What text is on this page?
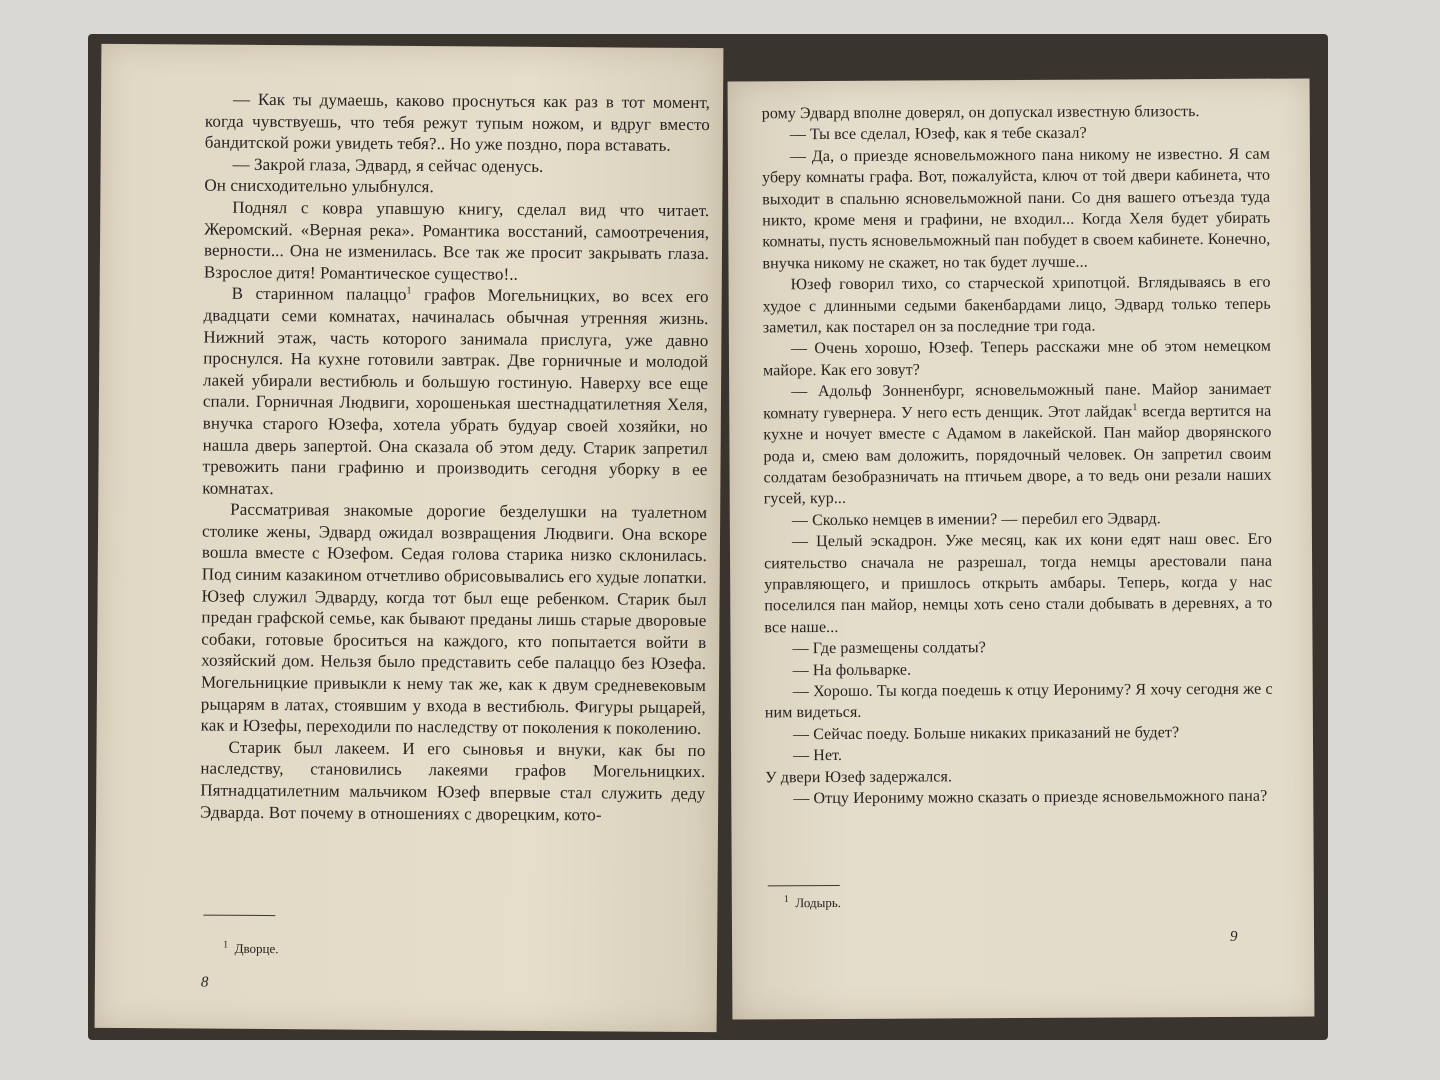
— Как ты думаешь, каково проснуться как раз в тот момент, когда чувствуешь, что тебя режут тупым ножом, и вдруг вместо бандитской рожи увидеть тебя?.. Но уже поздно, пора вставать.

— Закрой глаза, Эдвард, я сейчас оденусь.

Он снисходительно улыбнулся.

Поднял с ковра упавшую книгу, сделал вид что читает. Жеромский. «Верная река». Романтика восстаний, самоотречения, верности... Она не изменилась. Все так же просит закрывать глаза. Взрослое дитя! Романтическое существо!..

В старинном палаццо$^1$ графов Могельницких, во всех его двадцати семи комнатах, начиналась обычная утренняя жизнь. Нижний этаж, часть которого занимала прислуга, уже давно проснулся. На кухне готовили завтрак. Две горничные и молодой лакей убирали вестибюль и большую гостиную. Наверху все еще спали. Горничная Людвиги, хорошенькая шестнадцатилетняя Хеля, внучка старого Юзефа, хотела убрать будуар своей хозяйки, но нашла дверь запертой. Она сказала об этом деду. Старик запретил тревожить пани графиню и производить сегодня уборку в ее комнатах.

Рассматривая знакомые дорогие безделушки на туалетном столике жены, Эдвард ожидал возвращения Людвиги. Она вскоре вошла вместе с Юзефом. Седая голова старика низко склонилась. Под синим казакином отчетливо обрисовывались его худые лопатки. Юзеф служил Эдварду, когда тот был еще ребенком. Старик был предан графской семье, как бывают преданы лишь старые дворовые собаки, готовые броситься на каждого, кто попытается войти в хозяйский дом. Нельзя было представить себе палаццо без Юзефа. Могельницкие привыкли к нему так же, как к двум средневековым рыцарям в латах, стоявшим у входа в вестибюль. Фигуры рыцарей, как и Юзефы, переходили по наследству от поколения к поколению.

Старик был лакеем. И его сыновья и внуки, как бы по наследству, становились лакеями графов Могельницких. Пятнадцатилетним мальчиком Юзеф впервые стал служить деду Эдварда. Вот почему в отношениях с дворецким, кото-

$^1$ Дворце.
8

рому Эдвард вполне доверял, он допускал известную близость.

— Ты все сделал, Юзеф, как я тебе сказал?

— Да, о приезде ясновельможного пана никому не известно. Я сам уберу комнаты графа. Вот, пожалуйста, ключ от той двери кабинета, что выходит в спальню ясновельможной пани. Со дня вашего отъезда туда никто, кроме меня и графини, не входил... Когда Хеля будет убирать комнаты, пусть ясновельможный пан побудет в своем кабинете. Конечно, внучка никому не скажет, но так будет лучше...

Юзеф говорил тихо, со старческой хрипотцой. Вглядываясь в его худое с длинными седыми бакенбардами лицо, Эдвард только теперь заметил, как постарел он за последние три года.

— Очень хорошо, Юзеф. Теперь расскажи мне об этом немецком майоре. Как его зовут?

— Адольф Зонненбург, ясновельможный пане. Майор занимает комнату гувернера. У него есть денщик. Этот лайдак$^1$ всегда вертится на кухне и ночует вместе с Адамом в лакейской. Пан майор дворянского рода и, смею вам доложить, порядочный человек. Он запретил своим солдатам безобразничать на птичьем дворе, а то ведь они резали наших гусей, кур...

— Сколько немцев в имении? — перебил его Эдвард.

— Целый эскадрон. Уже месяц, как их кони едят наш овес. Его сиятельство сначала не разрешал, тогда немцы арестовали пана управляющего, и пришлось открыть амбары. Теперь, когда у нас поселился пан майор, немцы хоть сено стали добывать в деревнях, а то все наше...

— Где размещены солдаты?

— На фольварке.

— Хорошо. Ты когда поедешь к отцу Иерониму? Я хочу сегодня же с ним видеться.

— Сейчас поеду. Больше никаких приказаний не будет?

— Нет.

У двери Юзеф задержался.

— Отцу Иерониму можно сказать о приезде ясновельможного пана?

$^1$ Лодырь.
9
